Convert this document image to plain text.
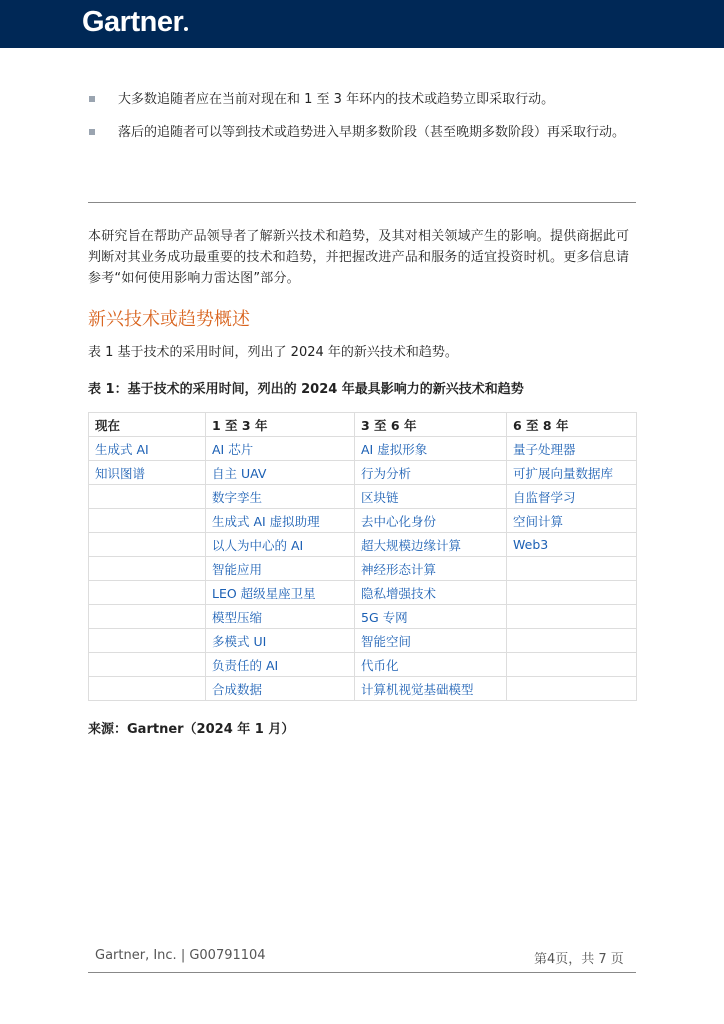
Gartner
大多数追随者应在当前对现在和 1 至 3 年环内的技术或趋势立即采取行动。
落后的追随者可以等到技术或趋势进入早期多数阶段（甚至晚期多数阶段）再采取行动。
本研究旨在帮助产品领导者了解新兴技术和趋势，及其对相关领域产生的影响。提供商据此可判断对其业务成功最重要的技术和趋势，并把握改进产品和服务的适宜投资时机。更多信息请参考“如何使用影响力雷达图”部分。
新兴技术或趋势概述
表 1 基于技术的采用时间，列出了 2024 年的新兴技术和趋势。
表 1：基于技术的采用时间，列出的 2024 年最具影响力的新兴技术和趋势
现在	1 至 3 年	3 至 6 年	6 至 8 年
生成式 AI	AI 芯片	AI 虚拟形象	量子处理器
知识图谱	自主 UAV	行为分析	可扩展向量数据库
	数字孪生	区块链	自监督学习
	生成式 AI 虚拟助理	去中心化身份	空间计算
	以人为中心的 AI	超大规模边缘计算	Web3
	智能应用	神经形态计算	
	LEO 超级星座卫星	隐私增强技术	
	模型压缩	5G 专网	
	多模式 UI	智能空间	
	负责任的 AI	代币化	
	合成数据	计算机视觉基础模型	
来源：Gartner（2024 年 1 月）
Gartner, Inc. | G00791104	第4页，共 7 页
